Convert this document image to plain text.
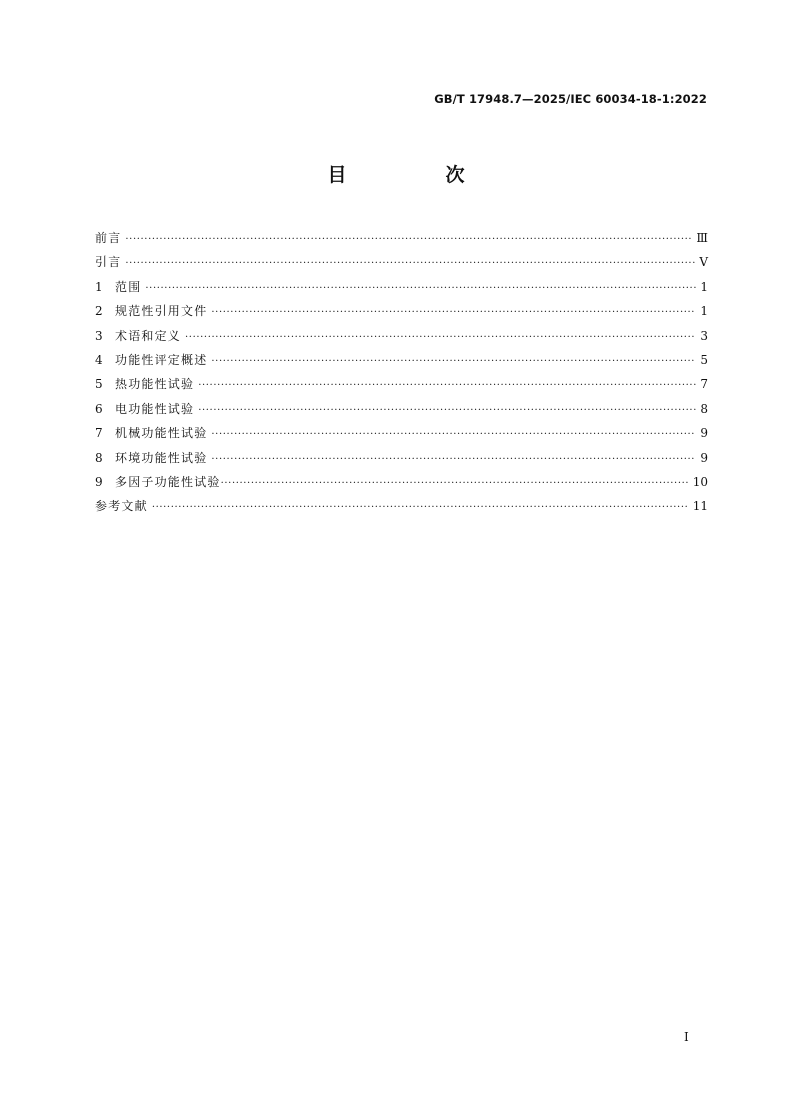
GB/T 17948.7—2025/IEC 60034-18-1:2022
目　次
前言 ·····	Ⅲ
引言 ·····	Ⅴ
1	范围 ·····	1
2	规范性引用文件 ·····	1
3	术语和定义 ·····	3
4	功能性评定概述 ·····	5
5	热功能性试验 ·····	7
6	电功能性试验 ·····	8
7	机械功能性试验 ·····	9
8	环境功能性试验 ·····	9
9	多因子功能性试验 ·····	10
参考文献 ·····	11
Ⅰ
